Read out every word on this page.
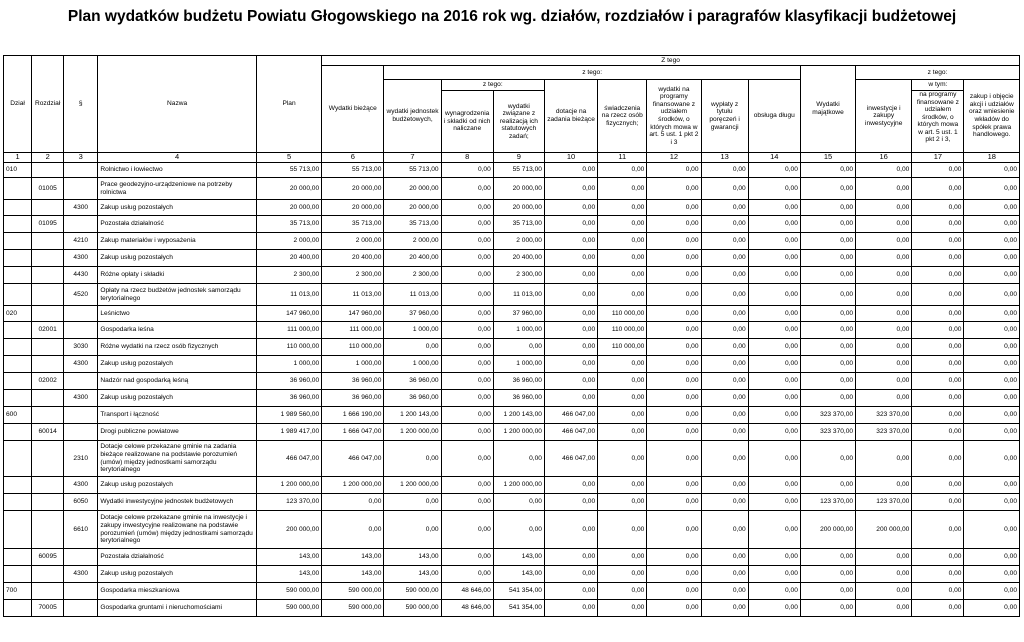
Plan wydatków budżetu Powiatu Głogowskiego na 2016 rok wg. działów, rozdziałów i paragrafów klasyfikacji budżetowej
Dział	Rozdział	§	Nazwa	Plan	Z tego												
					Wydatki bieżące	z tego:								Wydatki majątkowe	z tego:		
						wydatki jednostek budżetowych,	z tego:		dotacje na zadania bieżące	świadczenia na rzecz osób fizycznych;	wydatki na programy finansowane z udziałem środków, o których mowa w art. 5 ust. 1 pkt 2 i 3	wypłaty z tytułu poręczeń i gwarancji	obsługa długu		inwestycje i zakupy inwestycyjne	w tym:	zakup i objęcie akcji i udziałów oraz wniesienie wkładów do spółek prawa handlowego.
							wynagrodzenia i składki od nich naliczane	wydatki związane z realizacją ich statutowych zadań;								na programy finansowane z udziałem środków, o których mowa w art. 5 ust. 1 pkt 2 i 3,	
1	2	3	4	5	6	7	8	9	10	11	12	13	14	15	16	17	18
010			Rolnictwo i łowiectwo	55 713,00	55 713,00	55 713,00	0,00	55 713,00	0,00	0,00	0,00	0,00	0,00	0,00	0,00	0,00	0,00
	01005		Prace geodezyjno-urządzeniowe na potrzeby rolnictwa	20 000,00	20 000,00	20 000,00	0,00	20 000,00	0,00	0,00	0,00	0,00	0,00	0,00	0,00	0,00	0,00
		4300	Zakup usług pozostałych	20 000,00	20 000,00	20 000,00	0,00	20 000,00	0,00	0,00	0,00	0,00	0,00	0,00	0,00	0,00	0,00
	01095		Pozostała działalność	35 713,00	35 713,00	35 713,00	0,00	35 713,00	0,00	0,00	0,00	0,00	0,00	0,00	0,00	0,00	0,00
		4210	Zakup materiałów i wyposażenia	2 000,00	2 000,00	2 000,00	0,00	2 000,00	0,00	0,00	0,00	0,00	0,00	0,00	0,00	0,00	0,00
		4300	Zakup usług pozostałych	20 400,00	20 400,00	20 400,00	0,00	20 400,00	0,00	0,00	0,00	0,00	0,00	0,00	0,00	0,00	0,00
		4430	Różne opłaty i składki	2 300,00	2 300,00	2 300,00	0,00	2 300,00	0,00	0,00	0,00	0,00	0,00	0,00	0,00	0,00	0,00
		4520	Opłaty na rzecz budżetów jednostek samorządu terytorialnego	11 013,00	11 013,00	11 013,00	0,00	11 013,00	0,00	0,00	0,00	0,00	0,00	0,00	0,00	0,00	0,00
020			Leśnictwo	147 960,00	147 960,00	37 960,00	0,00	37 960,00	0,00	110 000,00	0,00	0,00	0,00	0,00	0,00	0,00	0,00
	02001		Gospodarka leśna	111 000,00	111 000,00	1 000,00	0,00	1 000,00	0,00	110 000,00	0,00	0,00	0,00	0,00	0,00	0,00	0,00
		3030	Różne wydatki na rzecz osób fizycznych	110 000,00	110 000,00	0,00	0,00	0,00	0,00	110 000,00	0,00	0,00	0,00	0,00	0,00	0,00	0,00
		4300	Zakup usług pozostałych	1 000,00	1 000,00	1 000,00	0,00	1 000,00	0,00	0,00	0,00	0,00	0,00	0,00	0,00	0,00	0,00
	02002		Nadzór nad gospodarką leśną	36 960,00	36 960,00	36 960,00	0,00	36 960,00	0,00	0,00	0,00	0,00	0,00	0,00	0,00	0,00	0,00
		4300	Zakup usług pozostałych	36 960,00	36 960,00	36 960,00	0,00	36 960,00	0,00	0,00	0,00	0,00	0,00	0,00	0,00	0,00	0,00
600			Transport i łączność	1 989 560,00	1 666 190,00	1 200 143,00	0,00	1 200 143,00	466 047,00	0,00	0,00	0,00	0,00	323 370,00	323 370,00	0,00	0,00
	60014		Drogi publiczne powiatowe	1 989 417,00	1 666 047,00	1 200 000,00	0,00	1 200 000,00	466 047,00	0,00	0,00	0,00	0,00	323 370,00	323 370,00	0,00	0,00
		2310	Dotacje celowe przekazane gminie na zadania bieżące realizowane na podstawie porozumień (umów) między jednostkami samorządu terytorialnego	466 047,00	466 047,00	0,00	0,00	0,00	466 047,00	0,00	0,00	0,00	0,00	0,00	0,00	0,00	0,00
		4300	Zakup usług pozostałych	1 200 000,00	1 200 000,00	1 200 000,00	0,00	1 200 000,00	0,00	0,00	0,00	0,00	0,00	0,00	0,00	0,00	0,00
		6050	Wydatki inwestycyjne jednostek budżetowych	123 370,00	0,00	0,00	0,00	0,00	0,00	0,00	0,00	0,00	0,00	123 370,00	123 370,00	0,00	0,00
		6610	Dotacje celowe przekazane gminie na inwestycje i zakupy inwestycyjne realizowane na podstawie porozumień (umów) między jednostkami samorządu terytorialnego	200 000,00	0,00	0,00	0,00	0,00	0,00	0,00	0,00	0,00	0,00	200 000,00	200 000,00	0,00	0,00
	60095		Pozostała działalność	143,00	143,00	143,00	0,00	143,00	0,00	0,00	0,00	0,00	0,00	0,00	0,00	0,00	0,00
		4300	Zakup usług pozostałych	143,00	143,00	143,00	0,00	143,00	0,00	0,00	0,00	0,00	0,00	0,00	0,00	0,00	0,00
700			Gospodarka mieszkaniowa	590 000,00	590 000,00	590 000,00	48 646,00	541 354,00	0,00	0,00	0,00	0,00	0,00	0,00	0,00	0,00	0,00
	70005		Gospodarka gruntami i nieruchomościami	590 000,00	590 000,00	590 000,00	48 646,00	541 354,00	0,00	0,00	0,00	0,00	0,00	0,00	0,00	0,00	0,00
